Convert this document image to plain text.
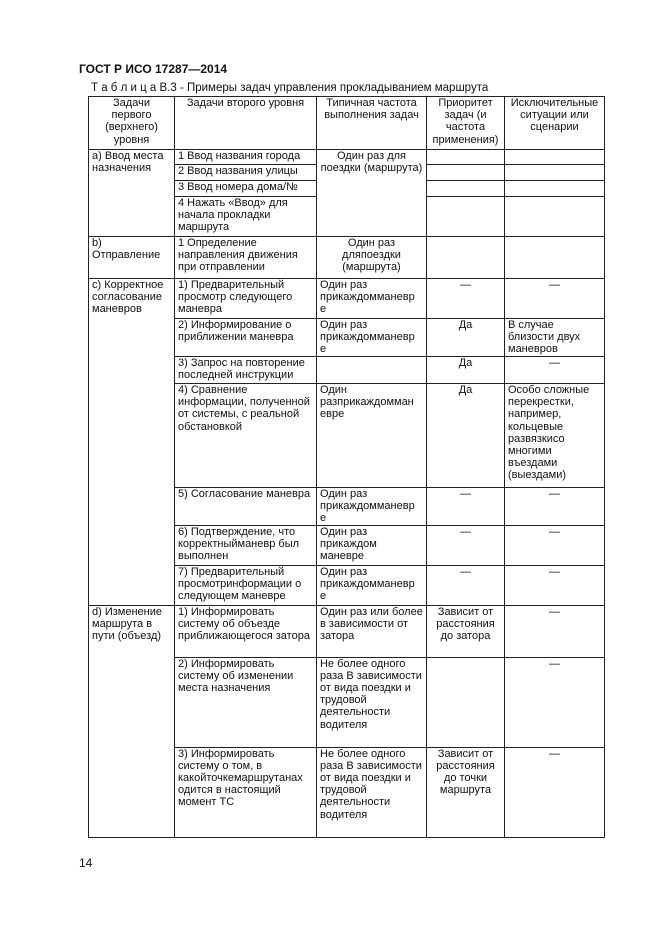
ГОСТ Р ИСО 17287—2014
Т а б л и ц а В.3 - Примеры задач управления прокладыванием маршрута
Задачи первого (верхнего) уровня	Задачи второго уровня	Типичная частота выполнения задач	Приоритет задач (и частота применения)	Исключительные ситуации или сценарии
а) Ввод места назначения	1 Ввод названия города	Один раз для поездки (маршрута)		
	2 Ввод названия улицы			
	3 Ввод номера дома/№			
	4 Нажать «Ввод» для начала прокладки маршрута			
b) Отправление	1 Определение направления движения при отправлении	Один раз дляпоездки (маршрута)		
c) Корректное согласование маневров	1) Предварительный просмотр следующего маневра	Один раз прикаждомманевр е	—	—
	2) Информирование о приближении маневра	Один раз прикаждомманевр е	Да	В случае близости двух маневров
	3) Запрос на повторение последней инструкции		Да	—
	4) Сравнение информации, полученной от системы, с реальной обстановкой	Один разприкаждомман евре	Да	Особо сложные перекрестки, например, кольцевые развязкисо многими въездами (выездами)
	5) Согласование маневра	Один раз прикаждомманевр е	—	—
	6) Подтверждение, что корректныйманевр был выполнен	Один раз прикаждом маневре	—	—
	7) Предварительный просмотринформации о следующем маневре	Один раз прикаждомманевр е	—	—
d) Изменение маршрута в пути (объезд)	1) Информировать систему об объезде приближающегося затора	Один раз или более в зависимости от затора	Зависит от расстояния до затора	—
	2) Информировать систему об изменении места назначения	Не более одного раза В зависимости от вида поездки и трудовой деятельности водителя		—
	3) Информировать систему о том, в какойточкемаршрутанах одится в настоящий момент ТС	Не более одного раза В зависимости от вида поездки и трудовой деятельности водителя	Зависит от расстояния до точки маршрута	—
14
